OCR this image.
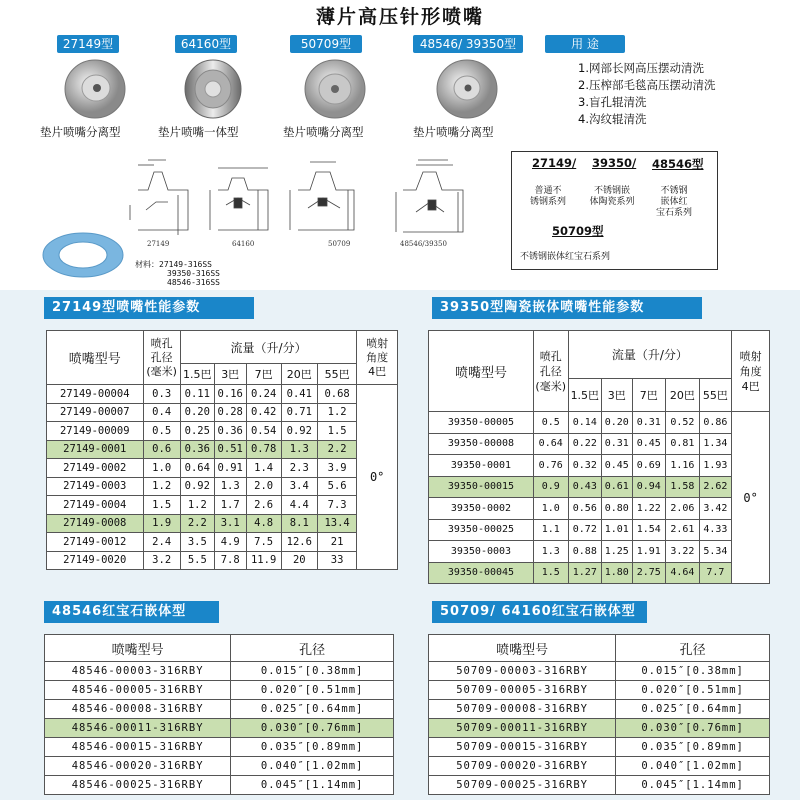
薄片高压针形喷嘴
27149型	64160型	50709型	48546/ 39350型	用 途
垫片喷嘴分离型	垫片喷嘴一体型	垫片喷嘴分离型	垫片喷嘴分离型
1.网部长网高压摆动清洗
2.压榨部毛毯高压摆动清洗
3.盲孔辊清洗
4.沟纹辊清洗
27149	64160	50709	48546/39350
材料：27149-316SS
39350-316SS
48546-316SS
27149/ 39350/ 48546型
普通不
锈钢系列
不锈钢嵌
体陶瓷系列
不锈钢
嵌体红
宝石系列
50709型
不锈钢嵌体红宝石系列
27149型喷嘴性能参数	39350型陶瓷嵌体喷嘴性能参数
48546红宝石嵌体型	50709/ 64160红宝石嵌体型
喷嘴型号	喷孔
孔径
(毫米)	流量（升/分）					喷射
角度
4巴
		1.5巴	3巴	7巴	20巴	55巴	
27149-00004	0.3	0.11	0.16	0.24	0.41	0.68	0°
27149-00007	0.4	0.20	0.28	0.42	0.71	1.2	
27149-00009	0.5	0.25	0.36	0.54	0.92	1.5	
27149-0001	0.6	0.36	0.51	0.78	1.3	2.2	
27149-0002	1.0	0.64	0.91	1.4	2.3	3.9	
27149-0003	1.2	0.92	1.3	2.0	3.4	5.6	
27149-0004	1.5	1.2	1.7	2.6	4.4	7.3	
27149-0008	1.9	2.2	3.1	4.8	8.1	13.4	
27149-0012	2.4	3.5	4.9	7.5	12.6	21	
27149-0020	3.2	5.5	7.8	11.9	20	33	
喷嘴型号	喷孔
孔径
(毫米)	流量（升/分）					喷射
角度
4巴
		1.5巴	3巴	7巴	20巴	55巴	
39350-00005	0.5	0.14	0.20	0.31	0.52	0.86	0°
39350-00008	0.64	0.22	0.31	0.45	0.81	1.34	
39350-0001	0.76	0.32	0.45	0.69	1.16	1.93	
39350-00015	0.9	0.43	0.61	0.94	1.58	2.62	
39350-0002	1.0	0.56	0.80	1.22	2.06	3.42	
39350-00025	1.1	0.72	1.01	1.54	2.61	4.33	
39350-0003	1.3	0.88	1.25	1.91	3.22	5.34	
39350-00045	1.5	1.27	1.80	2.75	4.64	7.7	
喷嘴型号	孔径
48546-00003-316RBY	0.015″[0.38mm]
48546-00005-316RBY	0.020″[0.51mm]
48546-00008-316RBY	0.025″[0.64mm]
48546-00011-316RBY	0.030″[0.76mm]
48546-00015-316RBY	0.035″[0.89mm]
48546-00020-316RBY	0.040″[1.02mm]
48546-00025-316RBY	0.045″[1.14mm]
喷嘴型号	孔径
50709-00003-316RBY	0.015″[0.38mm]
50709-00005-316RBY	0.020″[0.51mm]
50709-00008-316RBY	0.025″[0.64mm]
50709-00011-316RBY	0.030″[0.76mm]
50709-00015-316RBY	0.035″[0.89mm]
50709-00020-316RBY	0.040″[1.02mm]
50709-00025-316RBY	0.045″[1.14mm]
